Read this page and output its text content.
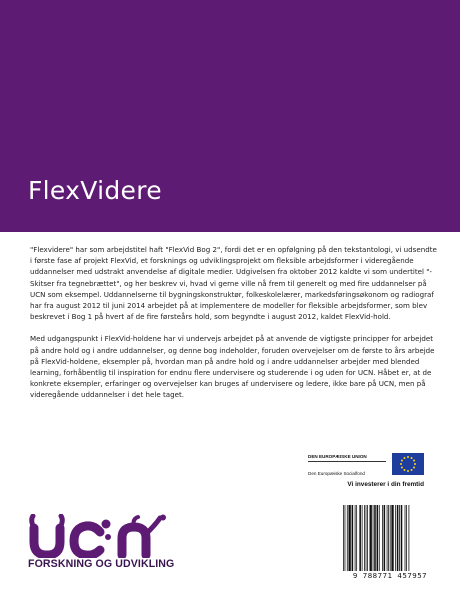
FlexVidere

"Flexvidere" har som arbejdstitel haft "FlexVid Bog 2", fordi det er en opfølgning på den tekstantologi, vi udsendte i første fase af projekt FlexVid, et forsknings og udviklingsprojekt om fleksible arbejdsformer i videregående uddannelser med udstrakt anvendelse af digitale medier. Udgivelsen fra oktober 2012 kaldte vi som undertitel "- Skitser fra tegnebrættet", og her beskrev vi, hvad vi gerne ville nå frem til generelt og med fire uddannelser på UCN som eksempel. Uddannelserne til bygningskonstruktør, folkeskolelærer, markedsføringsøkonom og radiograf har fra august 2012 til juni 2014 arbejdet på at implementere de modeller for fleksible arbejdsformer, som blev beskrevet i Bog 1 på hvert af de fire førsteårs hold, som begyndte i august 2012, kaldet FlexVid-hold.

Med udgangspunkt i FlexVid-holdene har vi undervejs arbejdet på at anvende de vigtigste principper for arbejdet på andre hold og i andre uddannelser, og denne bog indeholder, foruden overvejelser om de første to års arbejde på FlexVid-holdene, eksempler på, hvordan man på andre hold og i andre uddannelser arbejder med blended learning, forhåbentlig til inspiration for endnu flere undervisere og studerende i og uden for UCN. Håbet er, at de konkrete eksempler, erfaringer og overvejelser kan bruges af undervisere og ledere, ikke bare på UCN, men på videregående uddannelser i det hele taget.

DEN EUROPÆISKE UNION
Den Europæiske Socialfond
Vi investerer i din fremtid
FORSKNING OG UDVIKLING
9 788771 457957
